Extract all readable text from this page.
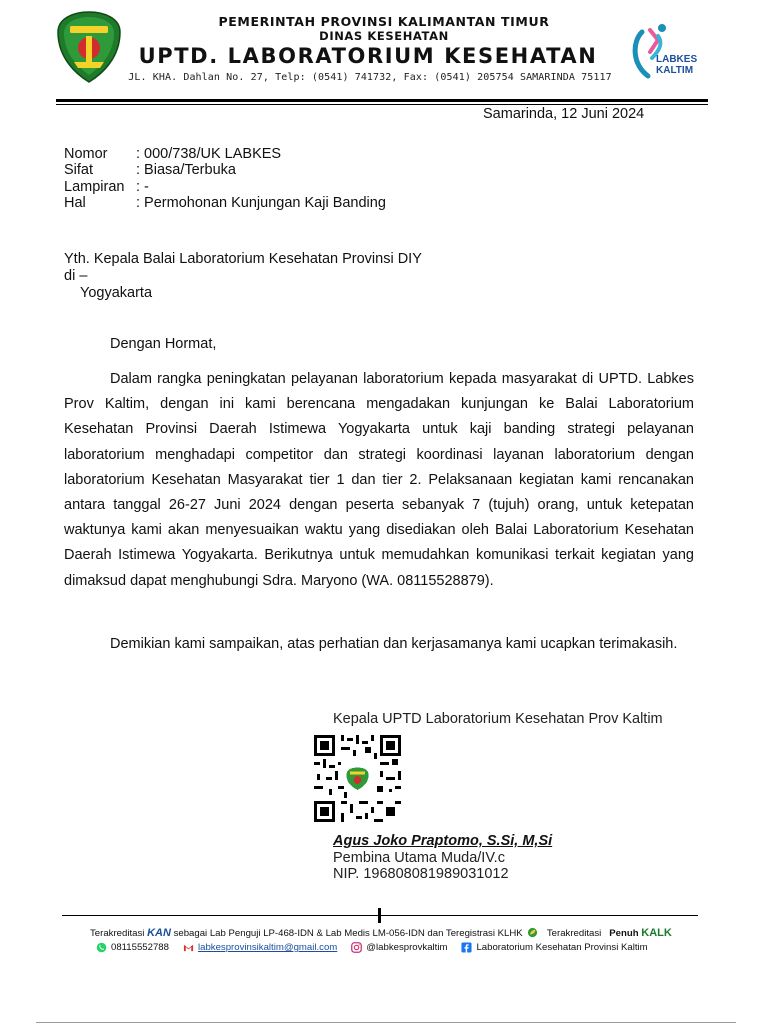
PEMERINTAH PROVINSI KALIMANTAN TIMUR
DINAS KESEHATAN
UPTD. LABORATORIUM KESEHATAN
JL. KHA. Dahlan No. 27, Telp: (0541) 741732, Fax: (0541) 205754 SAMARINDA 75117
LABKES
KALTIM
Samarinda, 12 Juni 2024
Nomor : 000/738/UK LABKES
Sifat	: Biasa/Terbuka
Lampiran : -
Hal	: Permohonan Kunjungan Kaji Banding
Yth. Kepala Balai Laboratorium Kesehatan Provinsi DIY
di –
Yogyakarta
Dengan Hormat,
Dalam rangka peningkatan pelayanan laboratorium kepada masyarakat di UPTD. Labkes Prov Kaltim, dengan ini kami berencana mengadakan kunjungan ke Balai Laboratorium Kesehatan Provinsi Daerah Istimewa Yogyakarta untuk kaji banding strategi pelayanan laboratorium menghadapi competitor dan strategi koordinasi layanan laboratorium dengan laboratorium Kesehatan Masyarakat tier 1 dan tier 2. Pelaksanaan kegiatan kami rencanakan antara tanggal 26-27 Juni 2024 dengan peserta sebanyak 7 (tujuh) orang, untuk ketepatan waktunya kami akan menyesuaikan waktu yang disediakan oleh Balai Laboratorium Kesehatan Daerah Istimewa Yogyakarta. Berikutnya untuk memudahkan komunikasi terkait kegiatan yang dimaksud dapat menghubungi Sdra. Maryono (WA. 08115528879).
Demikian kami sampaikan, atas perhatian dan kerjasamanya kami ucapkan terimakasih.
Kepala UPTD Laboratorium Kesehatan Prov Kaltim
Agus Joko Praptomo, S.Si, M,Si
Pembina Utama Muda/IV.c
NIP. 196808081989031012
Terakreditasi KAN sebagai Lab Penguji LP-468-IDN & Lab Medis LM-056-IDN dan Teregistrasi KLHK	Terakreditasi Penuh KALK
08115552788	labkesprovinsikaltim@gmail.com	@labkesprovkaltim	Laboratorium Kesehatan Provinsi Kaltim
